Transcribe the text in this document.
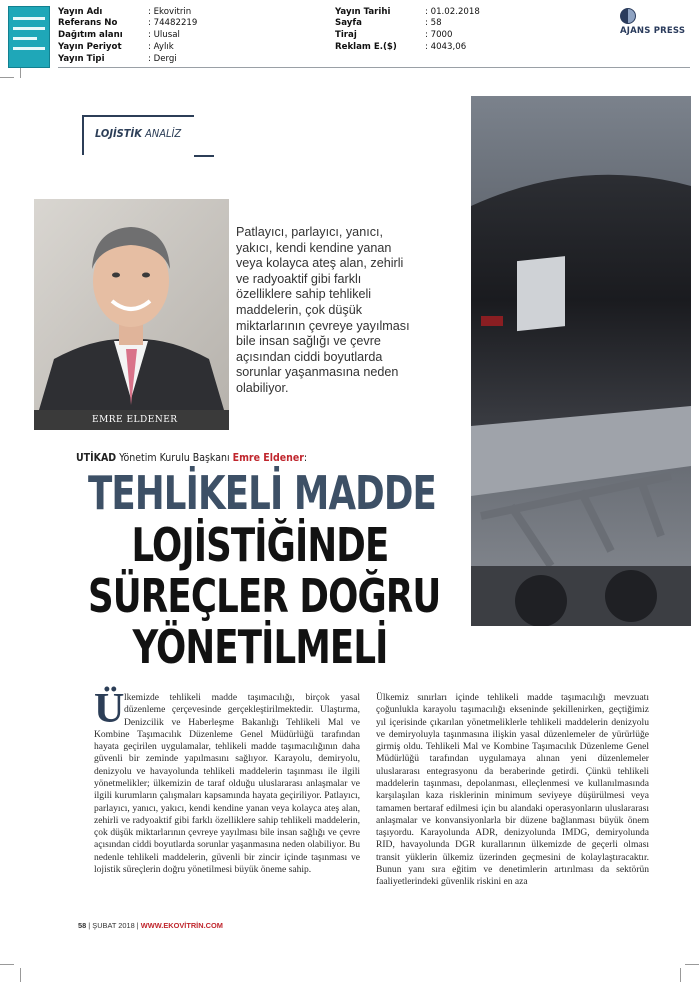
Yayın Adı	: Ekovitrin
Referans No	: 74482219
Dağıtım alanı	: Ulusal
Yayın Periyot	: Aylık
Yayın Tipi	: Dergi
Yayın Tarihi	: 01.02.2018
Sayfa	: 58
Tiraj	: 7000
Reklam E.($)	: 4043,06
AJANS PRESS
LOJİSTİK ANALİZ
EMRE ELDENER
Patlayıcı, parlayıcı, yanıcı, yakıcı, kendi kendine yanan veya kolayca ateş alan, zehirli ve radyoaktif gibi farklı özelliklere sahip tehlikeli maddelerin, çok düşük miktarlarının çevreye yayılması bile insan sağlığı ve çevre açısından ciddi boyutlarda sorunlar yaşanmasına neden olabiliyor.
UTİKAD Yönetim Kurulu Başkanı Emre Eldener:
TEHLİKELİ MADDE
LOJİSTİĞİNDE
SÜREÇLER DOĞRU
YÖNETİLMELİ
Ü lkemizde tehlikeli madde taşımacılığı, birçok yasal düzenleme çerçevesinde gerçekleştirilmektedir. Ulaştırma, Denizcilik ve Haberleşme Bakanlığı Tehlikeli Mal ve Kombine Taşımacılık Düzenleme Genel Müdürlüğü tarafından hayata geçirilen uygulamalar, tehlikeli madde taşımacılığının daha güvenli bir zeminde yapılmasını sağlıyor. Karayolu, demiryolu, denizyolu ve havayolunda tehlikeli maddelerin taşınması ile ilgili yönetmelikler; ülkemizin de taraf olduğu uluslararası anlaşmalar ve ilgili kurumların çalışmaları kapsamında hayata geçiriliyor. Patlayıcı, parlayıcı, yanıcı, yakıcı, kendi kendine yanan veya kolayca ateş alan, zehirli ve radyoaktif gibi farklı özelliklere sahip tehlikeli maddelerin, çok düşük miktarlarının çevreye yayılması bile insan sağlığı ve çevre açısından ciddi boyutlarda sorunlar yaşanmasına neden olabiliyor. Bu nedenle tehlikeli maddelerin, güvenli bir zincir içinde taşınması ve lojistik süreçlerin doğru yönetilmesi büyük öneme sahip.
Ülkemiz sınırları içinde tehlikeli madde taşımacılığı mevzuatı çoğunlukla karayolu taşımacılığı ekseninde şekillenirken, geçtiğimiz yıl içerisinde çıkarılan yönetmeliklerle tehlikeli maddelerin denizyolu ve demiryoluyla taşınmasına ilişkin yasal düzenlemeler de yürürlüğe girmiş oldu. Tehlikeli Mal ve Kombine Taşımacılık Düzenleme Genel Müdürlüğü tarafından uygulamaya alınan yeni düzenlemeler uluslararası entegrasyonu da beraberinde getirdi. Çünkü tehlikeli maddelerin taşınması, depolanması, elleçlenmesi ve kullanılmasında karşılaşılan kaza risklerinin minimum seviyeye düşürülmesi veya tamamen bertaraf edilmesi için bu alandaki operasyonların uluslararası anlaşmalar ve konvansiyonlarla bir düzene bağlanması büyük önem taşıyordu. Karayolunda ADR, denizyolunda IMDG, demiryolunda RID, havayolunda DGR kurallarının ülkemizde de geçerli olması transit yüklerin ülkemiz üzerinden geçmesini de kolaylaştıracaktır. Bunun yanı sıra eğitim ve denetimlerin artırılması da sektörün faaliyetlerindeki güvenlik riskini en aza
58 | ŞUBAT 2018 | WWW.EKOVİTRİN.COM
